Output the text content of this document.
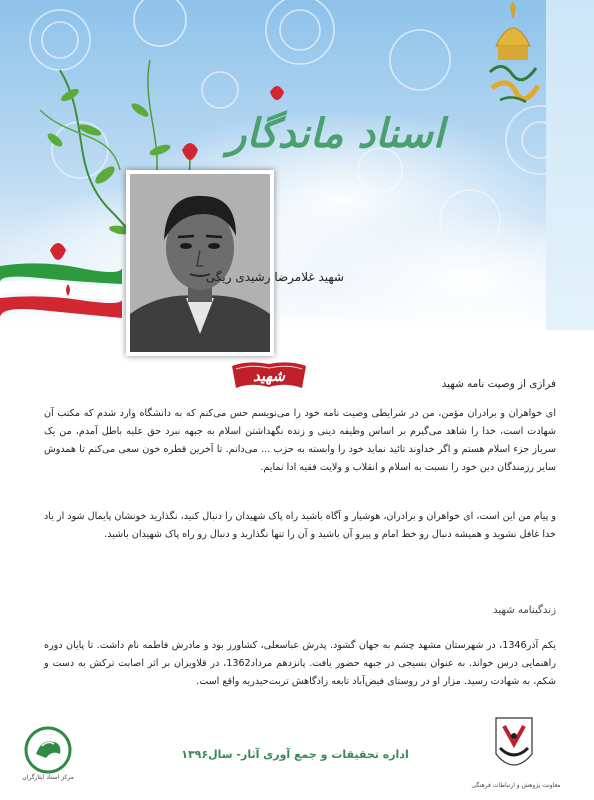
اسناد ماندگار
شهید غلامرضا رشیدی ریگی
شهید	فرازی از وصیت نامه شهید
ای خواهران و برادران مؤمن، من در شرایطی وصیت نامه خود را می‌نویسم حس می‌کنم که به دانشگاه وارد شدم که مکتب آن شهادت است، خدا را شاهد می‌گیرم بر اساس وظیفه دینی و زنده نگهداشتن اسلام به جبهه نبرد حق علیه باطل آمدم، من یک سرباز جزء اسلام هستم و اگر خداوند تائید نماید خود را وابسته به حزب ... می‌دانم. تا آخرین قطره خون سعی می‌کنم تا همدوش سایر رزمندگان دین خود را نسبت به اسلام و انقلاب و ولایت فقیه ادا نمایم.
و پیام من این است، ای خواهران و برادران، هوشیار و آگاه باشید راه پاک شهیدان را دنبال کنید، نگذارید خونشان پایمال شود از یاد خدا غافل نشوید و همیشه دنبال رو خط امام و پیرو آن باشید و آن را تنها نگذارید و دنبال رو راه پاک شهیدان باشید.
زندگینامه شهید
یکم آذر1346، در شهرستان مشهد چشم به جهان گشود. پدرش عباسعلی، کشاورز بود و مادرش فاطمه نام داشت. تا پایان دوره راهنمایی درس خواند. به عنوان بسیجی در جبهه حضور یافت. پانزدهم مرداد1362، در قلاویزان بر اثر اصابت ترکش به دست و شکم، به شهادت رسید. مزار او در روستای فیض‌آباد تابعه زادگاهش تربت‌حیدریه واقع است.
مرکز اسناد ایثارگران
اداره تحقیقات و جمع آوری آثار- سال۱۳۹۶
معاونت پژوهش و ارتباطات فرهنگی
